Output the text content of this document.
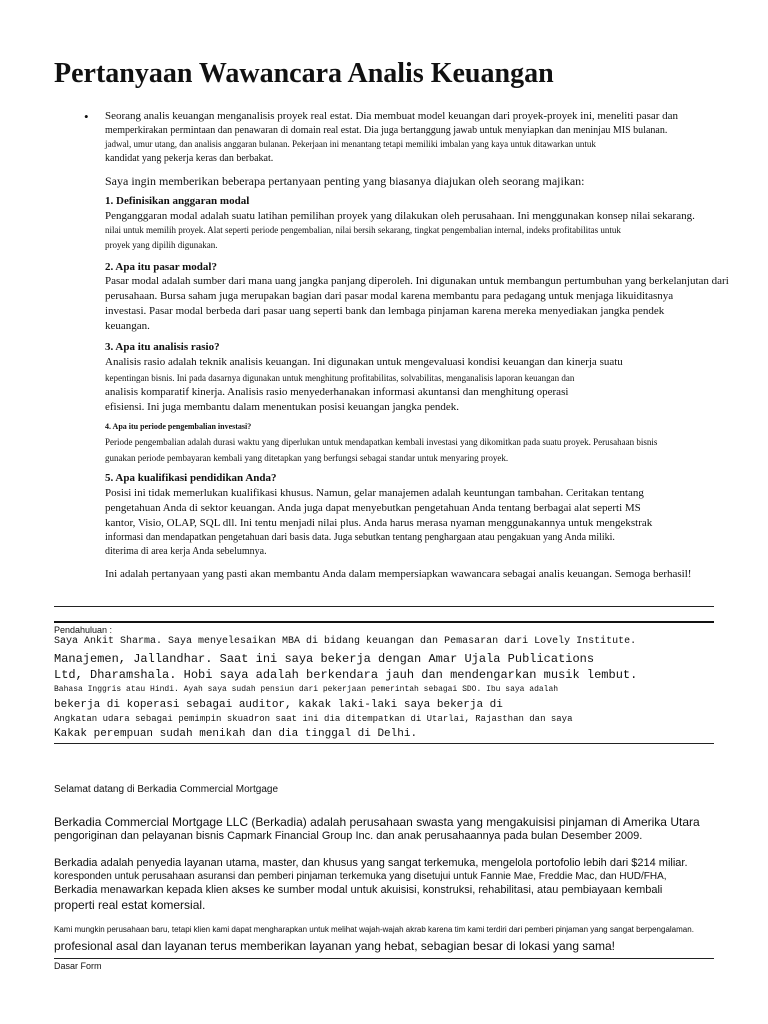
Pertanyaan Wawancara Analis Keuangan
• Seorang analis keuangan menganalisis proyek real estat. Dia membuat model keuangan dari proyek-proyek ini, meneliti pasar dan
memperkirakan permintaan dan penawaran di domain real estat. Dia juga bertanggung jawab untuk menyiapkan dan meninjau MIS bulanan.
jadwal, umur utang, dan analisis anggaran bulanan. Pekerjaan ini menantang tetapi memiliki imbalan yang kaya untuk ditawarkan untuk
kandidat yang pekerja keras dan berbakat.
Saya ingin memberikan beberapa pertanyaan penting yang biasanya diajukan oleh seorang majikan:
1. Definisikan anggaran modal
Penganggaran modal adalah suatu latihan pemilihan proyek yang dilakukan oleh perusahaan. Ini menggunakan konsep nilai sekarang.
nilai untuk memilih proyek. Alat seperti periode pengembalian, nilai bersih sekarang, tingkat pengembalian internal, indeks profitabilitas untuk
proyek yang dipilih digunakan.
2. Apa itu pasar modal?
Pasar modal adalah sumber dari mana uang jangka panjang diperoleh. Ini digunakan untuk membangun pertumbuhan yang berkelanjutan dari
perusahaan. Bursa saham juga merupakan bagian dari pasar modal karena membantu para pedagang untuk menjaga likuiditasnya
investasi. Pasar modal berbeda dari pasar uang seperti bank dan lembaga pinjaman karena mereka menyediakan jangka pendek
keuangan.
3. Apa itu analisis rasio?
Analisis rasio adalah teknik analisis keuangan. Ini digunakan untuk mengevaluasi kondisi keuangan dan kinerja suatu
kepentingan bisnis. Ini pada dasarnya digunakan untuk menghitung profitabilitas, solvabilitas, menganalisis laporan keuangan dan
analisis komparatif kinerja. Analisis rasio menyederhanakan informasi akuntansi dan menghitung operasi
efisiensi. Ini juga membantu dalam menentukan posisi keuangan jangka pendek.
4. Apa itu periode pengembalian investasi?
Periode pengembalian adalah durasi waktu yang diperlukan untuk mendapatkan kembali investasi yang dikomitkan pada suatu proyek. Perusahaan bisnis
gunakan periode pembayaran kembali yang ditetapkan yang berfungsi sebagai standar untuk menyaring proyek.
5. Apa kualifikasi pendidikan Anda?
Posisi ini tidak memerlukan kualifikasi khusus. Namun, gelar manajemen adalah keuntungan tambahan. Ceritakan tentang
pengetahuan Anda di sektor keuangan. Anda juga dapat menyebutkan pengetahuan Anda tentang berbagai alat seperti MS
kantor, Visio, OLAP, SQL dll. Ini tentu menjadi nilai plus. Anda harus merasa nyaman menggunakannya untuk mengekstrak
informasi dan mendapatkan pengetahuan dari basis data. Juga sebutkan tentang penghargaan atau pengakuan yang Anda miliki.
diterima di area kerja Anda sebelumnya.
Ini adalah pertanyaan yang pasti akan membantu Anda dalam mempersiapkan wawancara sebagai analis keuangan. Semoga berhasil!
Pendahuluan :
Saya Ankit Sharma. Saya menyelesaikan MBA di bidang keuangan dan Pemasaran dari Lovely Institute.
Manajemen, Jallandhar. Saat ini saya bekerja dengan Amar Ujala Publications
Ltd, Dharamshala. Hobi saya adalah berkendara jauh dan mendengarkan musik lembut.
Bahasa Inggris atau Hindi. Ayah saya sudah pensiun dari pekerjaan pemerintah sebagai SDO. Ibu saya adalah
bekerja di koperasi sebagai auditor, kakak laki-laki saya bekerja di
Angkatan udara sebagai pemimpin skuadron saat ini dia ditempatkan di Utarlai, Rajasthan dan saya
Kakak perempuan sudah menikah dan dia tinggal di Delhi.
Selamat datang di Berkadia Commercial Mortgage
Berkadia Commercial Mortgage LLC (Berkadia) adalah perusahaan swasta yang mengakuisisi pinjaman di Amerika Utara
pengoriginan dan pelayanan bisnis Capmark Financial Group Inc. dan anak perusahaannya pada bulan Desember 2009.
Berkadia adalah penyedia layanan utama, master, dan khusus yang sangat terkemuka, mengelola portofolio lebih dari $214 miliar.
koresponden untuk perusahaan asuransi dan pemberi pinjaman terkemuka yang disetujui untuk Fannie Mae, Freddie Mac, dan HUD/FHA,
Berkadia menawarkan kepada klien akses ke sumber modal untuk akuisisi, konstruksi, rehabilitasi, atau pembiayaan kembali
properti real estat komersial.
Kami mungkin perusahaan baru, tetapi klien kami dapat mengharapkan untuk melihat wajah-wajah akrab karena tim kami terdiri dari pemberi pinjaman yang sangat berpengalaman.
profesional asal dan layanan terus memberikan layanan yang hebat, sebagian besar di lokasi yang sama!
Dasar Form
